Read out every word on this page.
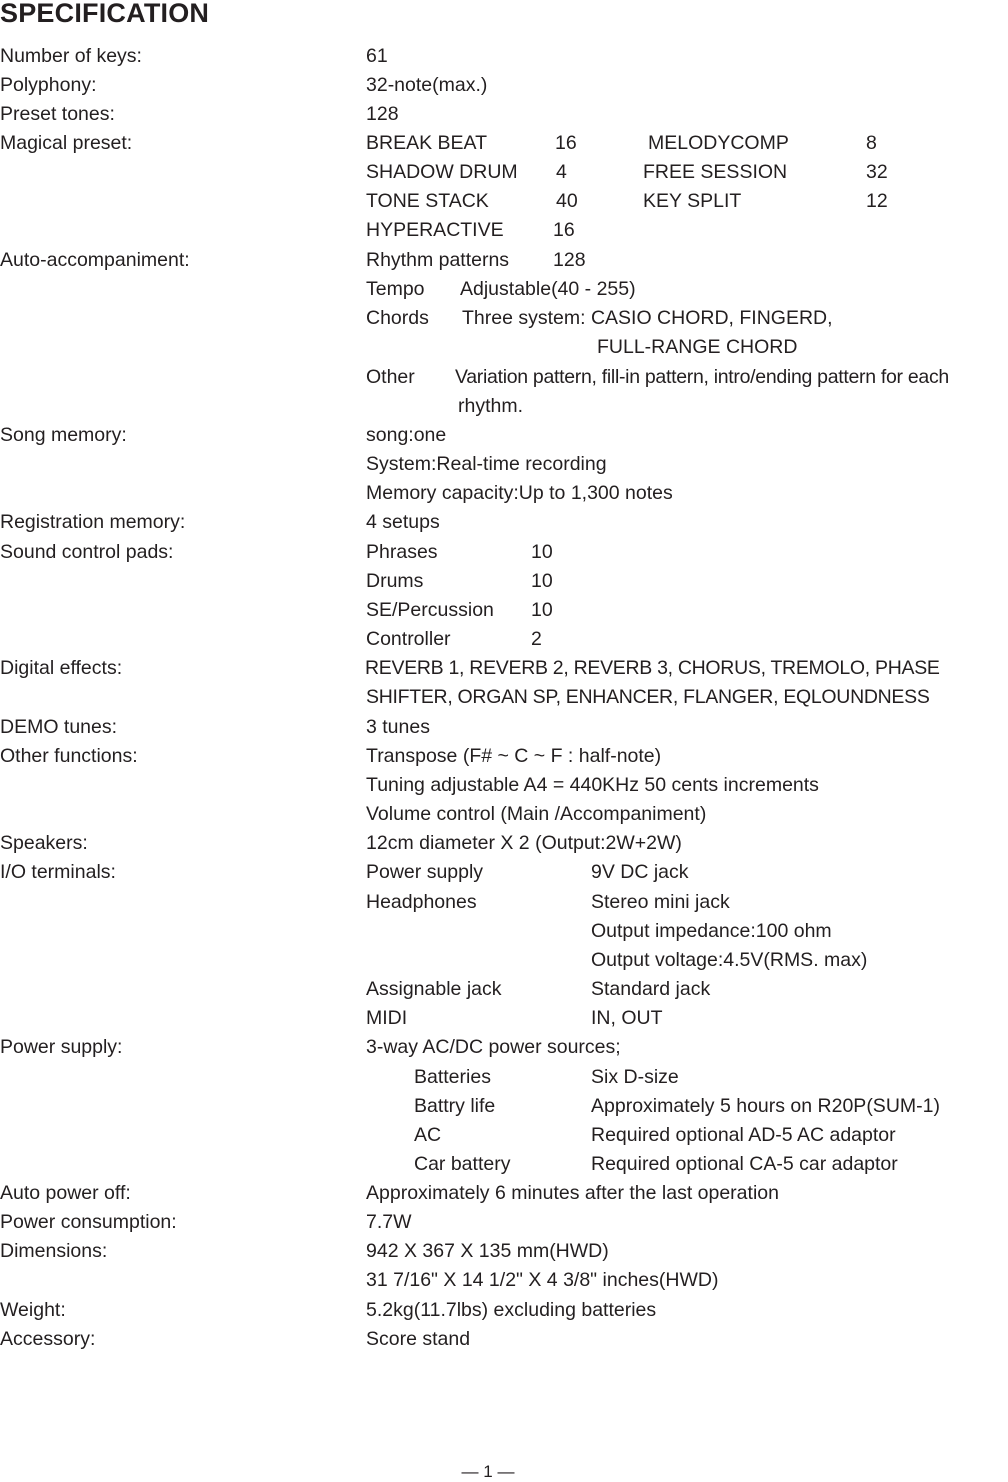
SPECIFICATION
Number of keys:	61
Polyphony:	32-note(max.)
Preset tones:	128
Magical preset:	BREAK BEAT	16	MELODYCOMP	8
SHADOW DRUM 4	FREE SESSION	32
TONE STACK	40	KEY SPLIT	12
HYPERACTIVE	16
Auto-accompaniment:	Rhythm patterns 128
Tempo Adjustable(40 - 255)
Chords Three system: CASIO CHORD, FINGERD,
FULL-RANGE CHORD
Other Variation pattern, fill-in pattern, intro/ending pattern for each
rhythm.
Song memory:	song:one
System:Real-time recording
Memory capacity:Up to 1,300 notes
Registration memory:	4 setups
Sound control pads:	Phrases	10
Drums	10
SE/Percussion 10
Controller	2
Digital effects:	REVERB 1, REVERB 2, REVERB 3, CHORUS, TREMOLO, PHASE
SHIFTER, ORGAN SP, ENHANCER, FLANGER, EQLOUNDNESS
DEMO tunes:	3 tunes
Other functions:	Transpose (F# ~ C ~ F : half-note)
Tuning adjustable A4 = 440KHz 50 cents increments
Volume control (Main /Accompaniment)
Speakers:	12cm diameter X 2 (Output:2W+2W)
I/O terminals:	Power supply	9V DC jack
Headphones	Stereo mini jack
Output impedance:100 ohm
Output voltage:4.5V(RMS. max)
Assignable jack	Standard jack
MIDI	IN, OUT
Power supply:	3-way AC/DC power sources;
Batteries	Six D-size
Battry life	Approximately 5 hours on R20P(SUM-1)
AC	Required optional AD-5 AC adaptor
Car battery	Required optional CA-5 car adaptor
Auto power off:	Approximately 6 minutes after the last operation
Power consumption:	7.7W
Dimensions:	942 X 367 X 135 mm(HWD)
31 7/16" X 14 1/2" X 4 3/8" inches(HWD)
Weight:	5.2kg(11.7lbs) excluding batteries
Accessory:	Score stand
— 1 —
